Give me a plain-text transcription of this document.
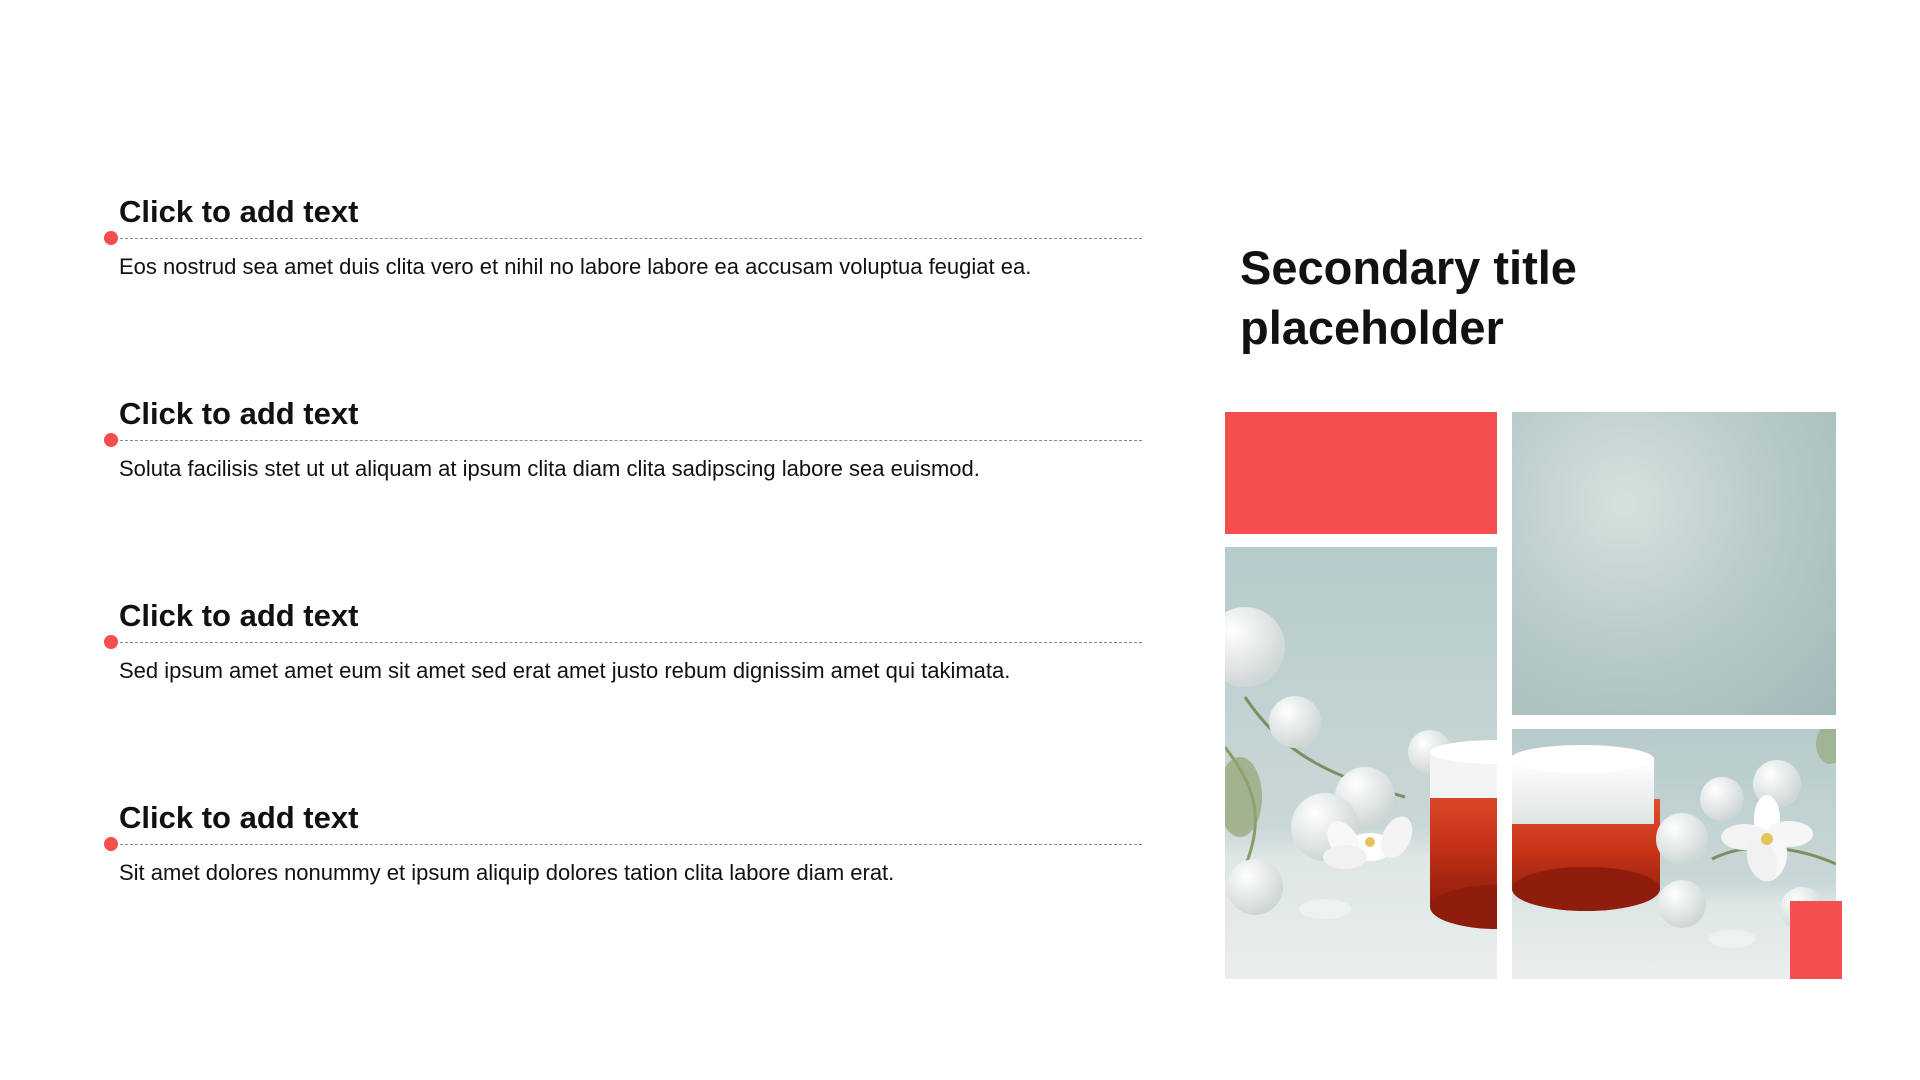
Click to add text
Eos nostrud sea amet duis clita vero et nihil no labore labore ea accusam voluptua feugiat ea.
Click to add text
Soluta facilisis stet ut ut aliquam at ipsum clita diam clita sadipscing labore sea euismod.
Click to add text
Sed ipsum amet amet eum sit amet sed erat amet justo rebum dignissim amet qui takimata.
Click to add text
Sit amet dolores nonummy et ipsum aliquip dolores tation clita labore diam erat.
Secondary title placeholder
